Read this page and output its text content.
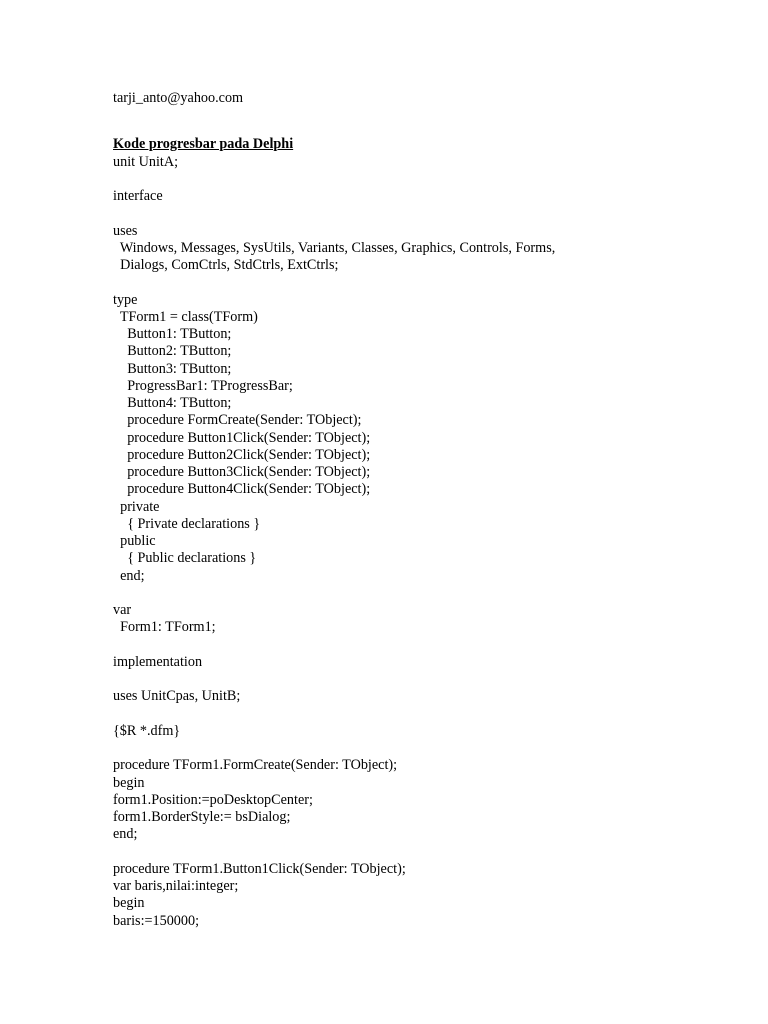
tarji_anto@yahoo.com
Kode progresbar pada Delphi
unit UnitA;

interface

uses
Windows, Messages, SysUtils, Variants, Classes, Graphics, Controls, Forms,
Dialogs, ComCtrls, StdCtrls, ExtCtrls;

type
TForm1 = class(TForm)
Button1: TButton;
Button2: TButton;
Button3: TButton;
ProgressBar1: TProgressBar;
Button4: TButton;
procedure FormCreate(Sender: TObject);
procedure Button1Click(Sender: TObject);
procedure Button2Click(Sender: TObject);
procedure Button3Click(Sender: TObject);
procedure Button4Click(Sender: TObject);
private
{ Private declarations }
public
{ Public declarations }
end;

var
Form1: TForm1;

implementation

uses UnitCpas, UnitB;

{$R *.dfm}

procedure TForm1.FormCreate(Sender: TObject);
begin
form1.Position:=poDesktopCenter;
form1.BorderStyle:= bsDialog;
end;

procedure TForm1.Button1Click(Sender: TObject);
var baris,nilai:integer;
begin
baris:=150000;
